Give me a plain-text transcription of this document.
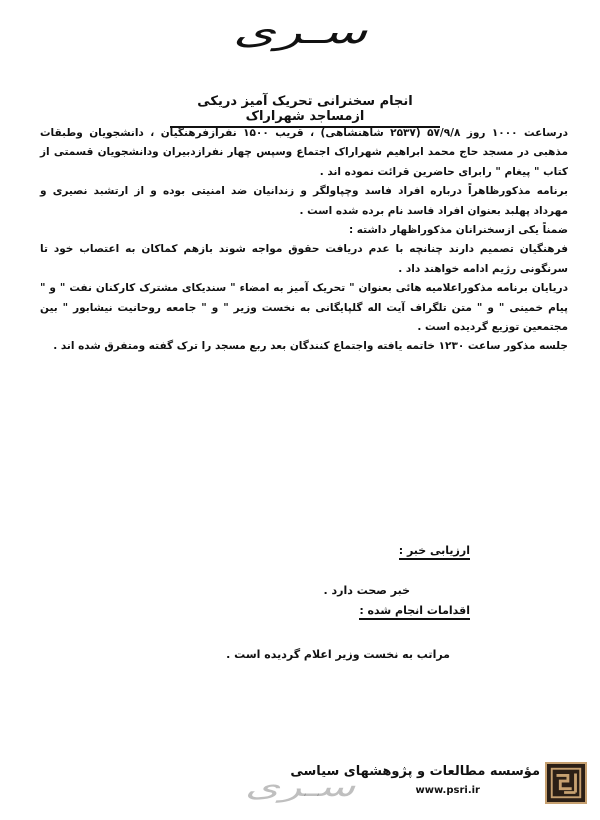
سـری
انجام سخنرانی تحریک آمیز دریکی ازمساجد شهراراک

درساعت ۱۰۰۰ روز ۵۷/۹/۸ (۲۵۳۷ شاهنشاهی) ، قریب ۱۵۰۰ نفرازفرهنگیان ، دانشجویان وطبقات مذهبی در مسجد حاج محمد ابراهیم شهراراک اجتماع وسپس چهار نفرازدبیران ودانشجویان قسمتی از کتاب " پیغام " رابرای حاضرین قرائت نموده اند .

برنامه مذکورظاهراً درباره افراد فاسد وچپاولگر و زندانیان ضد امنیتی بوده و از ارتشبد نصیری و مهرداد پهلبد بعنوان افراد فاسد نام برده شده است .

ضمناً یکی ازسخنرانان مذکوراظهار داشته :

فرهنگیان تصمیم دارند چنانچه با عدم دریافت حقوق مواجه شوند بازهم کماکان به اعتصاب خود تا سرنگونی رژیم ادامه خواهند داد .

دریایان برنامه مذکوراعلامیه هائی بعنوان " تحریک آمیز به امضاء " سندیکای مشترک کارکنان نفت " و " پیام خمینی " و " متن تلگراف آیت اله گلپایگانی به نخست وزیر " و " جامعه روحانیت نیشابور " بین مجتمعین توزیع گردیده است .

جلسه مذکور ساعت ۱۲۳۰ خاتمه یافته واجتماع کنندگان بعد ربع مسجد را ترک گفته ومتفرق شده اند .

ارزیابی خبر :
خبر صحت دارد .
اقدامات انجام شده :
مراتب به نخست وزیر اعلام گردیده است .
سـری
مؤسسه مطالعات و پژوهشهای سیاسی
www.psri.ir
